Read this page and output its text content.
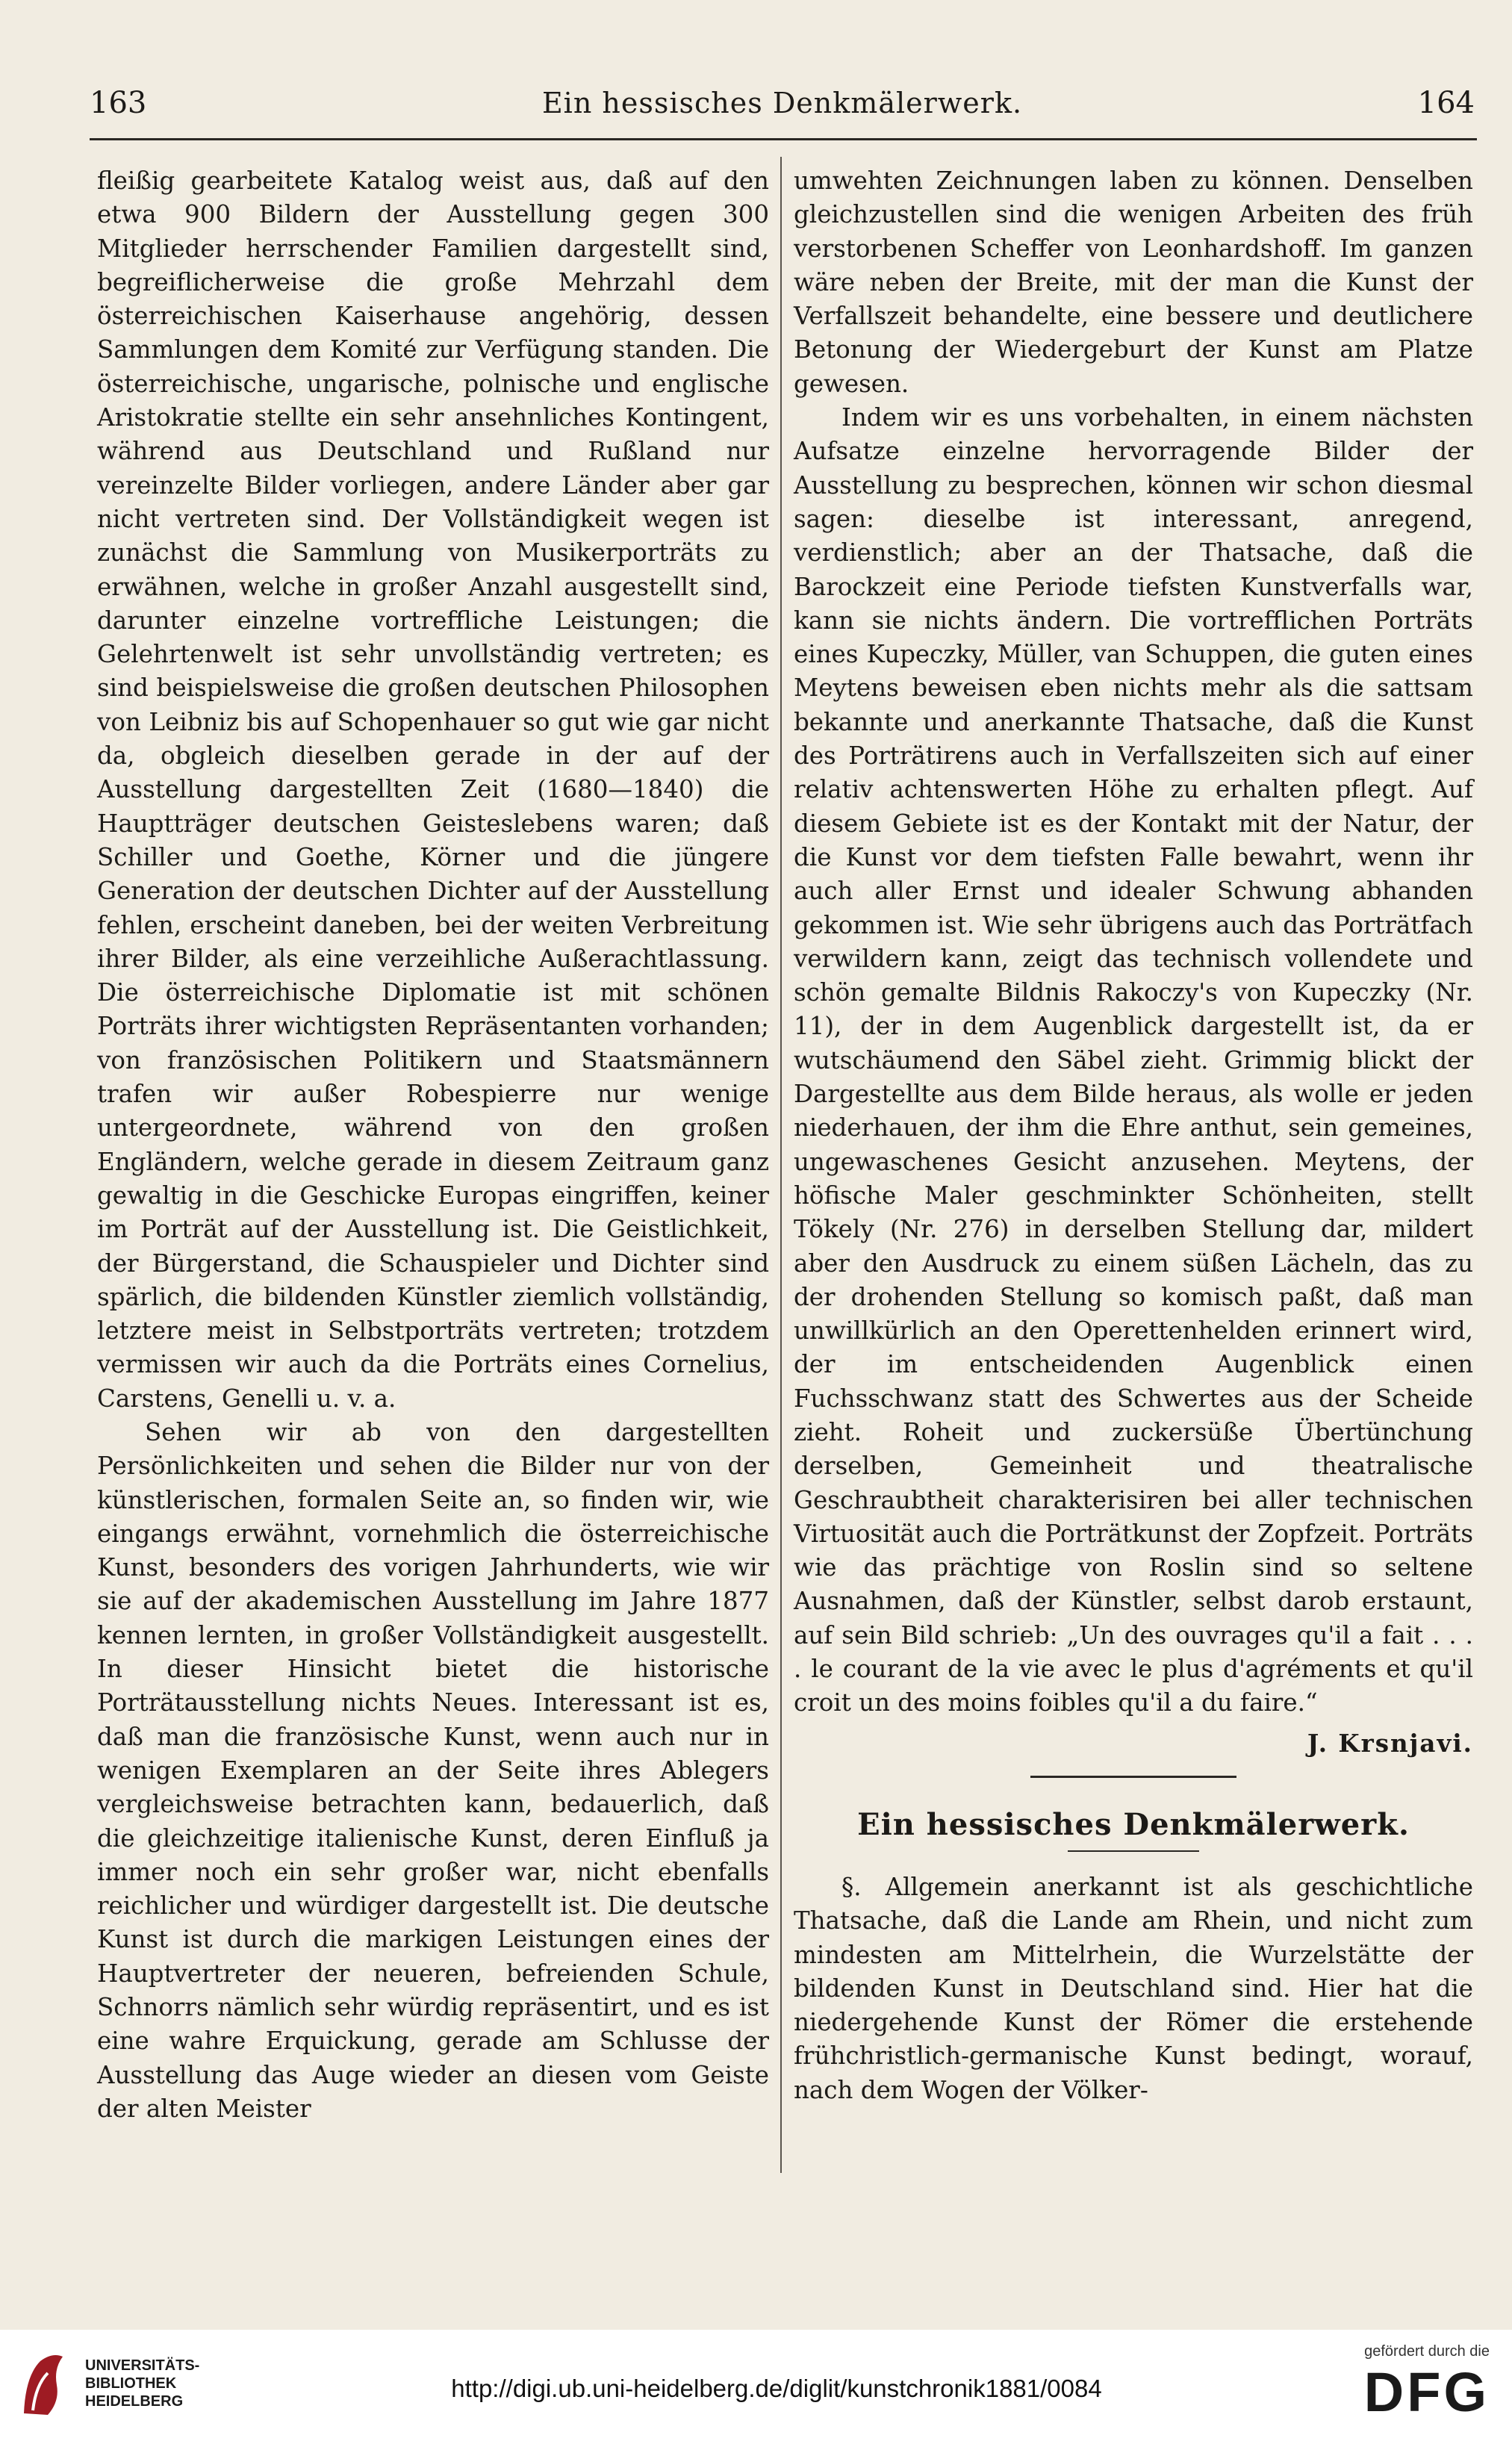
163	Ein hessisches Denkmälerwerk.	164

fleißig gearbeitete Katalog weist aus, daß auf den etwa 900 Bildern der Ausstellung gegen 300 Mitglieder herrschender Familien dargestellt sind, begreiflicherweise die große Mehrzahl dem österreichischen Kaiserhause angehörig, dessen Sammlungen dem Komité zur Verfügung standen. Die österreichische, ungarische, polnische und englische Aristokratie stellte ein sehr ansehnliches Kontingent, während aus Deutschland und Rußland nur vereinzelte Bilder vorliegen, andere Länder aber gar nicht vertreten sind. Der Vollständigkeit wegen ist zunächst die Sammlung von Musikerporträts zu erwähnen, welche in großer Anzahl ausgestellt sind, darunter einzelne vortreffliche Leistungen; die Gelehrtenwelt ist sehr unvollständig vertreten; es sind beispielsweise die großen deutschen Philosophen von Leibniz bis auf Schopenhauer so gut wie gar nicht da, obgleich dieselben gerade in der auf der Ausstellung dargestellten Zeit (1680—1840) die Hauptträger deutschen Geisteslebens waren; daß Schiller und Goethe, Körner und die jüngere Generation der deutschen Dichter auf der Ausstellung fehlen, erscheint daneben, bei der weiten Verbreitung ihrer Bilder, als eine verzeihliche Außerachtlassung. Die österreichische Diplomatie ist mit schönen Porträts ihrer wichtigsten Repräsentanten vorhanden; von französischen Politikern und Staatsmännern trafen wir außer Robespierre nur wenige untergeordnete, während von den großen Engländern, welche gerade in diesem Zeitraum ganz gewaltig in die Geschicke Europas eingriffen, keiner im Porträt auf der Ausstellung ist. Die Geistlichkeit, der Bürgerstand, die Schauspieler und Dichter sind spärlich, die bildenden Künstler ziemlich vollständig, letztere meist in Selbstporträts vertreten; trotzdem vermissen wir auch da die Porträts eines Cornelius, Carstens, Genelli u. v. a.

Sehen wir ab von den dargestellten Persönlichkeiten und sehen die Bilder nur von der künstlerischen, formalen Seite an, so finden wir, wie eingangs erwähnt, vornehmlich die österreichische Kunst, besonders des vorigen Jahrhunderts, wie wir sie auf der akademischen Ausstellung im Jahre 1877 kennen lernten, in großer Vollständigkeit ausgestellt. In dieser Hinsicht bietet die historische Porträtausstellung nichts Neues. Interessant ist es, daß man die französische Kunst, wenn auch nur in wenigen Exemplaren an der Seite ihres Ablegers vergleichsweise betrachten kann, bedauerlich, daß die gleichzeitige italienische Kunst, deren Einfluß ja immer noch ein sehr großer war, nicht ebenfalls reichlicher und würdiger dargestellt ist. Die deutsche Kunst ist durch die markigen Leistungen eines der Hauptvertreter der neueren, befreienden Schule, Schnorrs nämlich sehr würdig repräsentirt, und es ist eine wahre Erquickung, gerade am Schlusse der Ausstellung das Auge wieder an diesen vom Geiste der alten Meister

umwehten Zeichnungen laben zu können. Denselben gleichzustellen sind die wenigen Arbeiten des früh verstorbenen Scheffer von Leonhardshoff. Im ganzen wäre neben der Breite, mit der man die Kunst der Verfallszeit behandelte, eine bessere und deutlichere Betonung der Wiedergeburt der Kunst am Platze gewesen.

Indem wir es uns vorbehalten, in einem nächsten Aufsatze einzelne hervorragende Bilder der Ausstellung zu besprechen, können wir schon diesmal sagen: dieselbe ist interessant, anregend, verdienstlich; aber an der Thatsache, daß die Barockzeit eine Periode tiefsten Kunstverfalls war, kann sie nichts ändern. Die vortrefflichen Porträts eines Kupeczky, Müller, van Schuppen, die guten eines Meytens beweisen eben nichts mehr als die sattsam bekannte und anerkannte Thatsache, daß die Kunst des Porträtirens auch in Verfallszeiten sich auf einer relativ achtenswerten Höhe zu erhalten pflegt. Auf diesem Gebiete ist es der Kontakt mit der Natur, der die Kunst vor dem tiefsten Falle bewahrt, wenn ihr auch aller Ernst und idealer Schwung abhanden gekommen ist. Wie sehr übrigens auch das Porträtfach verwildern kann, zeigt das technisch vollendete und schön gemalte Bildnis Rakoczy's von Kupeczky (Nr. 11), der in dem Augenblick dargestellt ist, da er wutschäumend den Säbel zieht. Grimmig blickt der Dargestellte aus dem Bilde heraus, als wolle er jeden niederhauen, der ihm die Ehre anthut, sein gemeines, ungewaschenes Gesicht anzusehen. Meytens, der höfische Maler geschminkter Schönheiten, stellt Tökely (Nr. 276) in derselben Stellung dar, mildert aber den Ausdruck zu einem süßen Lächeln, das zu der drohenden Stellung so komisch paßt, daß man unwillkürlich an den Operettenhelden erinnert wird, der im entscheidenden Augenblick einen Fuchsschwanz statt des Schwertes aus der Scheide zieht. Roheit und zuckersüße Übertünchung derselben, Gemeinheit und theatralische Geschraubtheit charakterisiren bei aller technischen Virtuosität auch die Porträtkunst der Zopfzeit. Porträts wie das prächtige von Roslin sind so seltene Ausnahmen, daß der Künstler, selbst darob erstaunt, auf sein Bild schrieb: „Un des ouvrages qu'il a fait . . . . le courant de la vie avec le plus d'agréments et qu'il croit un des moins foibles qu'il a du faire.“

J. Krsnjavi.

Ein hessisches Denkmälerwerk.

§. Allgemein anerkannt ist als geschichtliche Thatsache, daß die Lande am Rhein, und nicht zum mindesten am Mittelrhein, die Wurzelstätte der bildenden Kunst in Deutschland sind. Hier hat die niedergehende Kunst der Römer die erstehende frühchristlich-germanische Kunst bedingt, worauf, nach dem Wogen der Völker-

UNIVERSITÄTS-
BIBLIOTHEK
HEIDELBERG	http://digi.ub.uni-heidelberg.de/diglit/kunstchronik1881/0084
gefördert durch die
DFG
